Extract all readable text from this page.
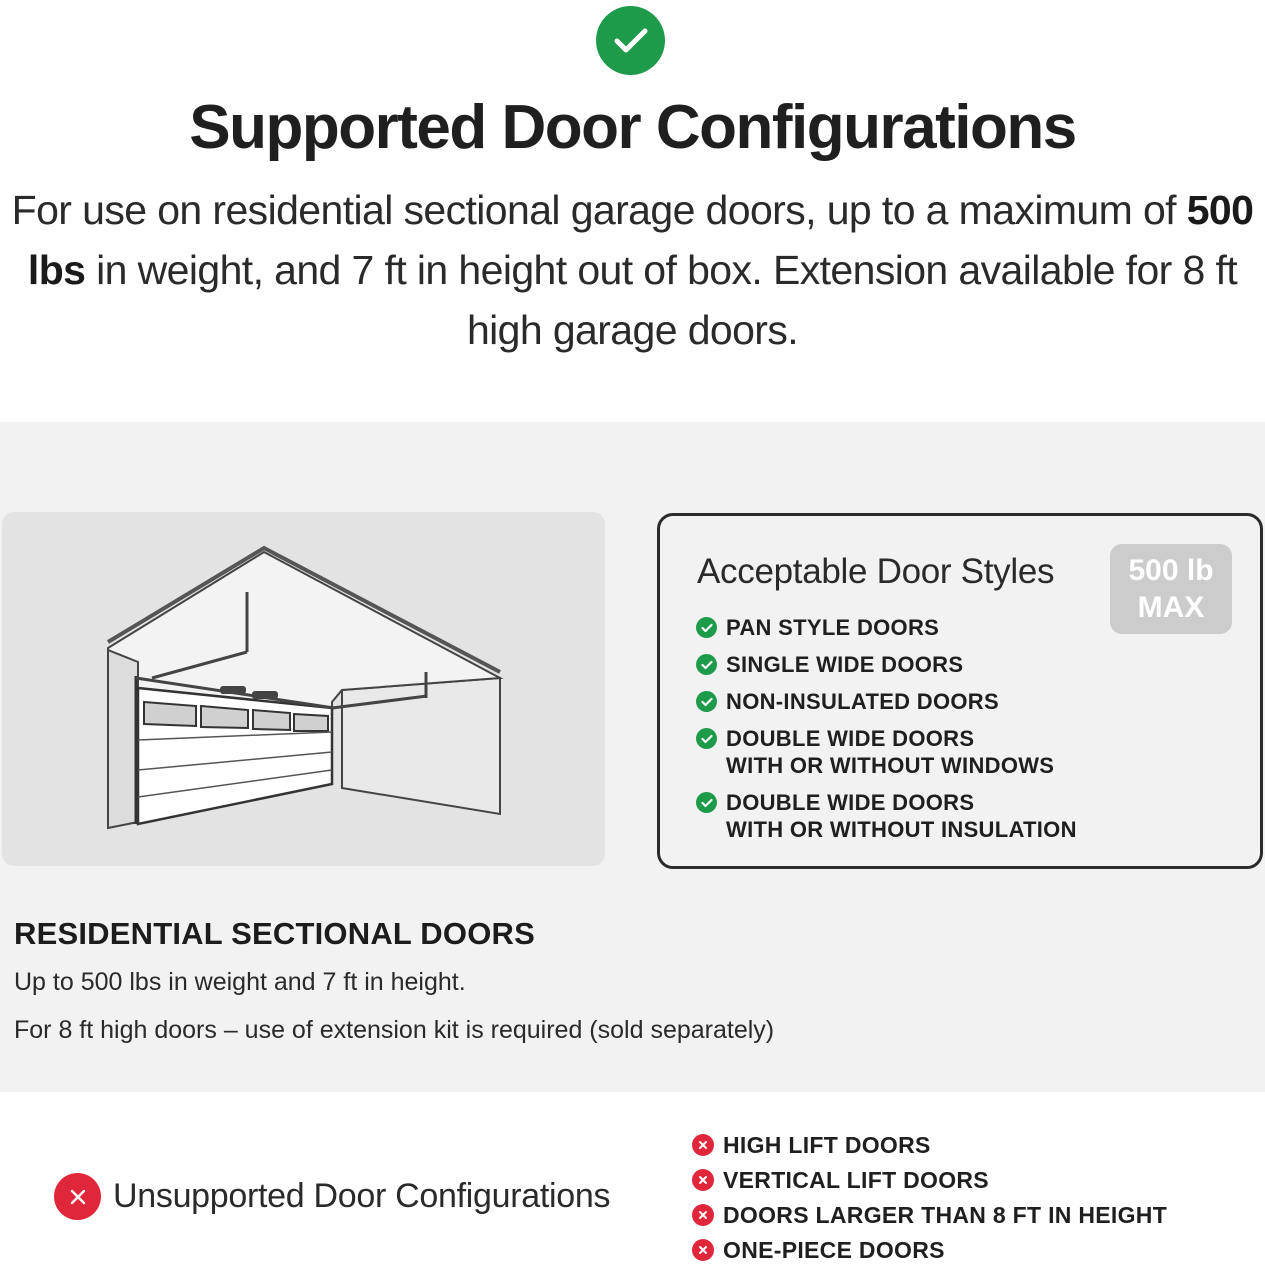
Supported Door Configurations
For use on residential sectional garage doors, up to a maximum of 500 lbs in weight, and 7 ft in height out of box. Extension available for 8 ft high garage doors.
Acceptable Door Styles	500 lb
MAX
PAN STYLE DOORS
SINGLE WIDE DOORS
NON-INSULATED DOORS
DOUBLE WIDE DOORS
WITH OR WITHOUT WINDOWS
DOUBLE WIDE DOORS
WITH OR WITHOUT INSULATION
RESIDENTIAL SECTIONAL DOORS
Up to 500 lbs in weight and 7 ft in height.
For 8 ft high doors – use of extension kit is required (sold separately)
Unsupported Door Configurations
HIGH LIFT DOORS
VERTICAL LIFT DOORS
DOORS LARGER THAN 8 FT IN HEIGHT
ONE-PIECE DOORS
